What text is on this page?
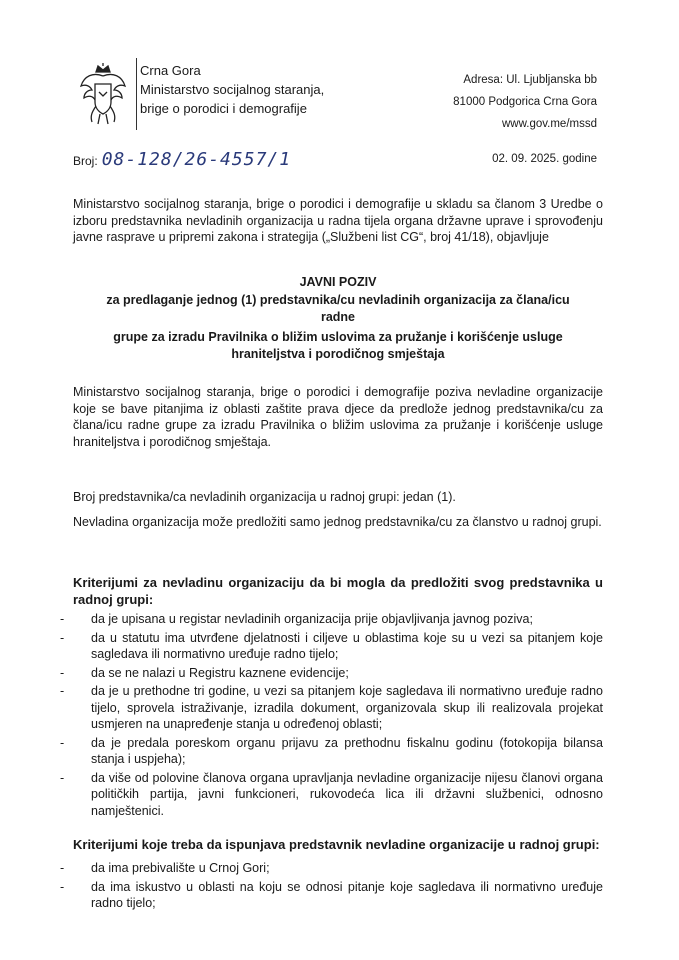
Crna Gora
Ministarstvo socijalnog staranja,
brige o porodici i demografije
Adresa: Ul. Ljubljanska bb
81000 Podgorica Crna Gora
www.gov.me/mssd
Broj: 08-128/26-4557/1	02. 09. 2025. godine
Ministarstvo socijalnog staranja, brige o porodici i demografije u skladu sa članom 3 Uredbe o izboru predstavnika nevladinih organizacija u radna tijela organa državne uprave i sprovođenju javne rasprave u pripremi zakona i strategija („Službeni list CG“, broj 41/18), objavljuje
JAVNI POZIV
za predlaganje jednog (1) predstavnika/cu nevladinih organizacija za člana/icu radne
grupe za izradu Pravilnika o bližim uslovima za pružanje i korišćenje usluge hraniteljstva i porodičnog smještaja
Ministarstvo socijalnog staranja, brige o porodici i demografije poziva nevladine organizacije koje se bave pitanjima iz oblasti zaštite prava djece da predlože jednog predstavnika/cu za člana/icu radne grupe za izradu Pravilnika o bližim uslovima za pružanje i korišćenje usluge hraniteljstva i porodičnog smještaja.
Broj predstavnika/ca nevladinih organizacija u radnoj grupi: jedan (1).
Nevladina organizacija može predložiti samo jednog predstavnika/cu za članstvo u radnoj grupi.
Kriterijumi za nevladinu organizaciju da bi mogla da predložiti svog predstavnika u radnoj grupi:
- da je upisana u registar nevladinih organizacija prije objavljivanja javnog poziva;
- da u statutu ima utvrđene djelatnosti i ciljeve u oblastima koje su u vezi sa pitanjem koje sagledava ili normativno uređuje radno tijelo;
- da se ne nalazi u Registru kaznene evidencije;
- da je u prethodne tri godine, u vezi sa pitanjem koje sagledava ili normativno uređuje radno tijelo, sprovela istraživanje, izradila dokument, organizovala skup ili realizovala projekat usmjeren na unapređenje stanja u određenoj oblasti;
- da je predala poreskom organu prijavu za prethodnu fiskalnu godinu (fotokopija bilansa stanja i uspjeha);
- da više od polovine članova organa upravljanja nevladine organizacije nijesu članovi organa političkih partija, javni funkcioneri, rukovodeća lica ili državni službenici, odnosno namještenici.
Kriterijumi koje treba da ispunjava predstavnik nevladine organizacije u radnoj grupi:
- da ima prebivalište u Crnoj Gori;
- da ima iskustvo u oblasti na koju se odnosi pitanje koje sagledava ili normativno uređuje radno tijelo;
